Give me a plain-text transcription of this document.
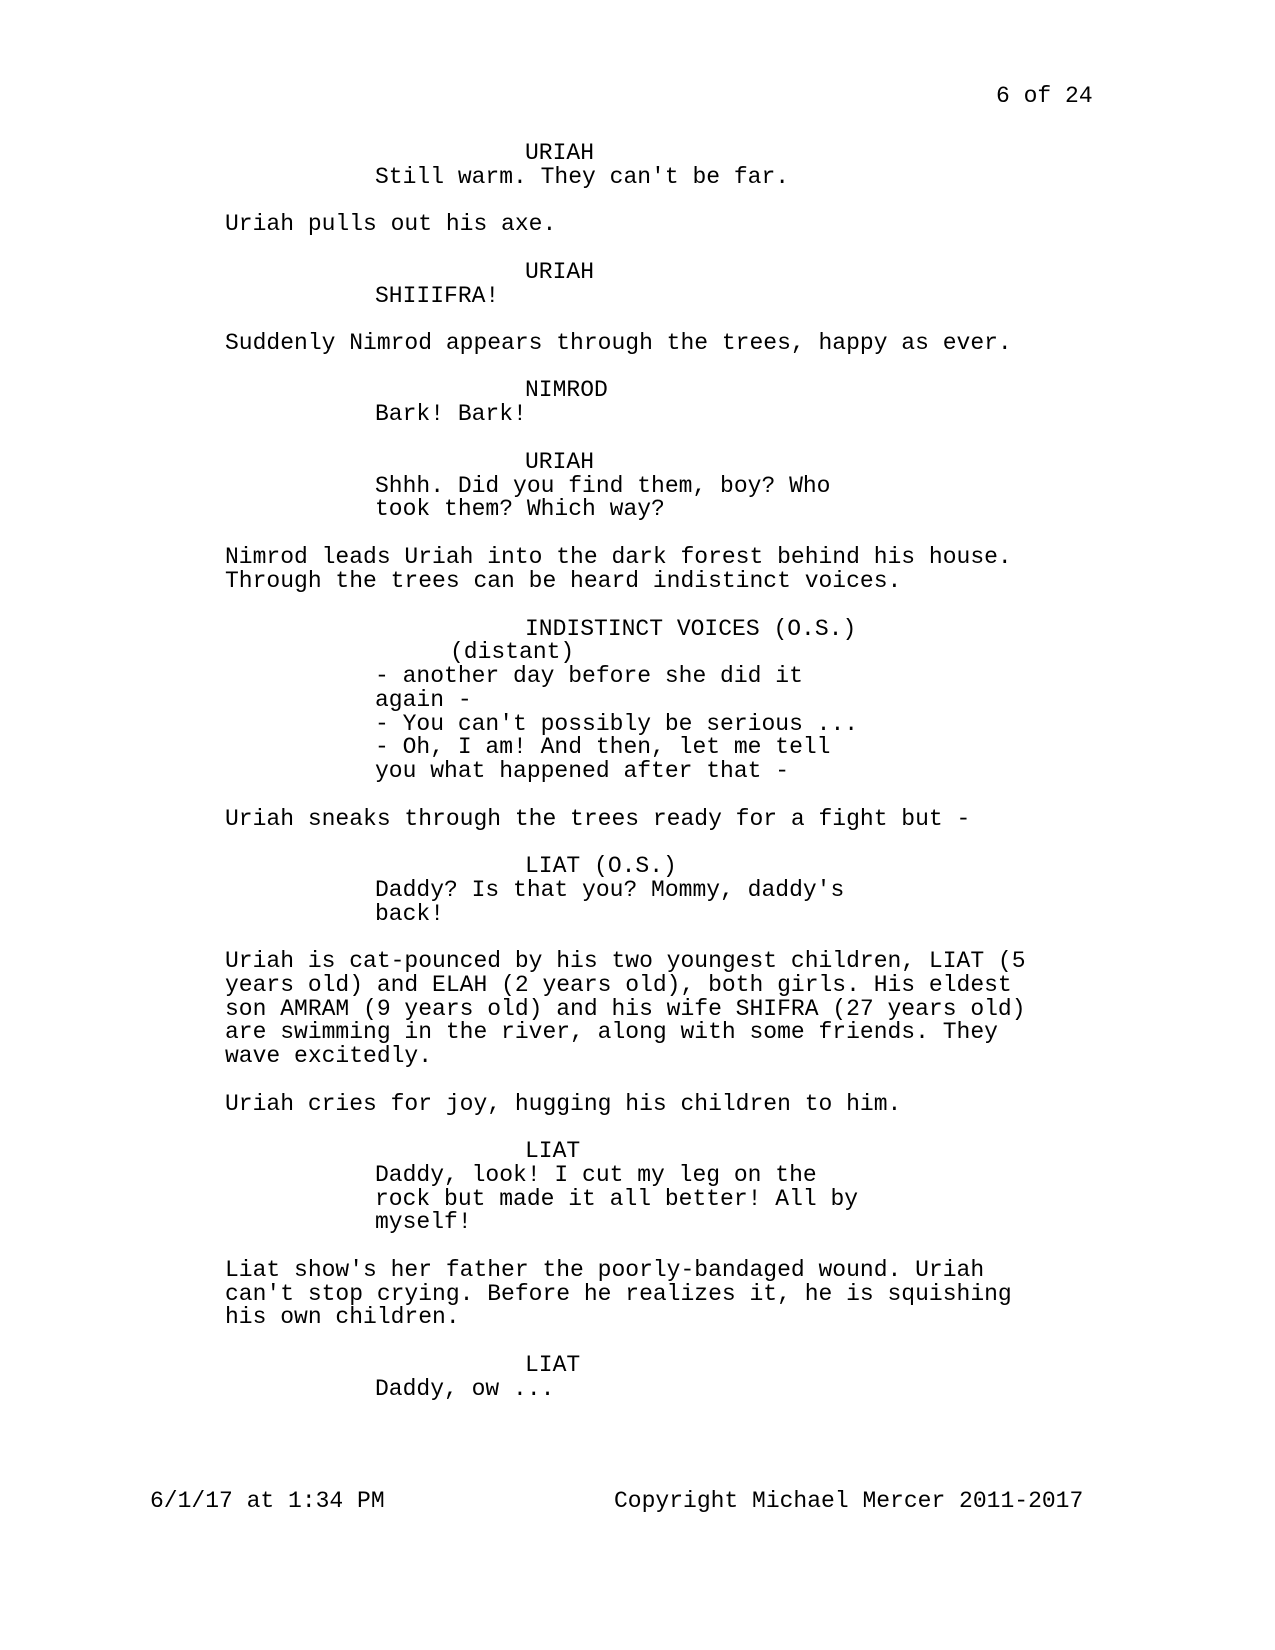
6 of 24
URIAH
Still warm. They can't be far.
Uriah pulls out his axe.
URIAH
SHIIIFRA!
Suddenly Nimrod appears through the trees, happy as ever.
NIMROD
Bark! Bark!
URIAH
Shhh. Did you find them, boy? Who
took them? Which way?
Nimrod leads Uriah into the dark forest behind his house.
Through the trees can be heard indistinct voices.
INDISTINCT VOICES (O.S.)
(distant)
- another day before she did it
again -
- You can't possibly be serious ...
- Oh, I am! And then, let me tell
you what happened after that -
Uriah sneaks through the trees ready for a fight but -
LIAT (O.S.)
Daddy? Is that you? Mommy, daddy's
back!
Uriah is cat-pounced by his two youngest children, LIAT (5
years old) and ELAH (2 years old), both girls. His eldest
son AMRAM (9 years old) and his wife SHIFRA (27 years old)
are swimming in the river, along with some friends. They
wave excitedly.
Uriah cries for joy, hugging his children to him.
LIAT
Daddy, look! I cut my leg on the
rock but made it all better! All by
myself!
Liat show's her father the poorly-bandaged wound. Uriah
can't stop crying. Before he realizes it, he is squishing
his own children.
LIAT
Daddy, ow ...
6/1/17 at 1:34 PM	Copyright Michael Mercer 2011-2017
